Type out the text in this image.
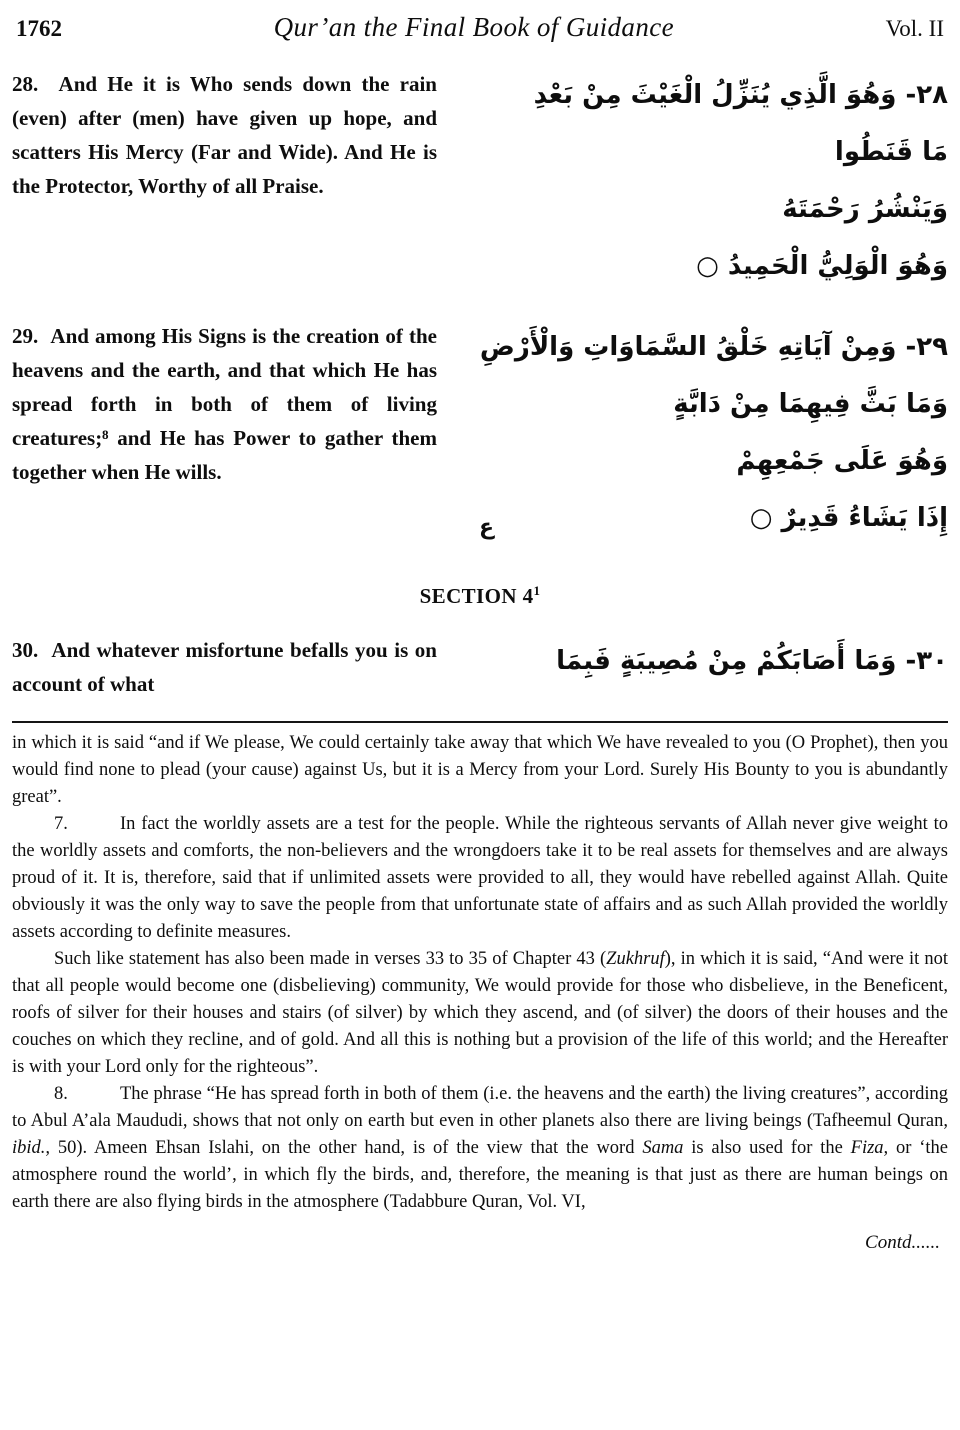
1762	Qur’an the Final Book of Guidance	Vol. II
28.  And He it is Who sends down the rain (even) after (men) have given up hope, and scatters His Mercy (Far and Wide). And He is the Protector, Worthy of all Praise.
٢٨- وَهُوَ الَّذِي يُنَزِّلُ الْغَيْثَ مِنْ بَعْدِ
مَا قَنَطُوا
وَيَنْشُرُ رَحْمَتَهُ
وَهُوَ الْوَلِيُّ الْحَمِيدُ ○
29.  And among His Signs is the creation of the heavens and the earth, and that which He has spread forth in both of them of living creatures;⁸ and He has Power to gather them together when He wills.
٢٩- وَمِنْ آيَاتِهِ خَلْقُ السَّمَاوَاتِ وَالْأَرْضِ
وَمَا بَثَّ فِيهِمَا مِنْ دَابَّةٍ
وَهُوَ عَلَى جَمْعِهِمْ
إِذَا يَشَاءُ قَدِيرٌ ○
ع
SECTION $4^1$
30.  And whatever misfortune befalls you is on account of what
٣٠- وَمَا أَصَابَكُمْ مِنْ مُصِيبَةٍ فَبِمَا

in which it is said “and if We please, We could certainly take away that which We have revealed to you (O Prophet), then you would find none to plead (your cause) against Us, but it is a Mercy from your Lord. Surely His Bounty to you is abundantly great”.

7.	In fact the worldly assets are a test for the people. While the righteous servants of Allah never give weight to the worldly assets and comforts, the non-believers and the wrongdoers take it to be real assets for themselves and are always proud of it. It is, therefore, said that if unlimited assets were provided to all, they would have rebelled against Allah. Quite obviously it was the only way to save the people from that unfortunate state of affairs and as such Allah provided the worldly assets according to definite measures.

Such like statement has also been made in verses 33 to 35 of Chapter 43 (Zukhruf), in which it is said, “And were it not that all people would become one (disbelieving) community, We would provide for those who disbelieve, in the Beneficent, roofs of silver for their houses and stairs (of silver) by which they ascend, and (of silver) the doors of their houses and the couches on which they recline, and of gold. And all this is nothing but a provision of the life of this world; and the Hereafter is with your Lord only for the righteous”.

8.	The phrase “He has spread forth in both of them (i.e. the heavens and the earth) the living creatures”, according to Abul A’ala Maududi, shows that not only on earth but even in other planets also there are living beings (Tafheemul Quran, ibid., 50). Ameen Ehsan Islahi, on the other hand, is of the view that the word Sama is also used for the Fiza, or ‘the atmosphere round the world’, in which fly the birds, and, therefore, the meaning is that just as there are human beings on earth there are also flying birds in the atmosphere (Tadabbure Quran, Vol. VI,

Contd......
